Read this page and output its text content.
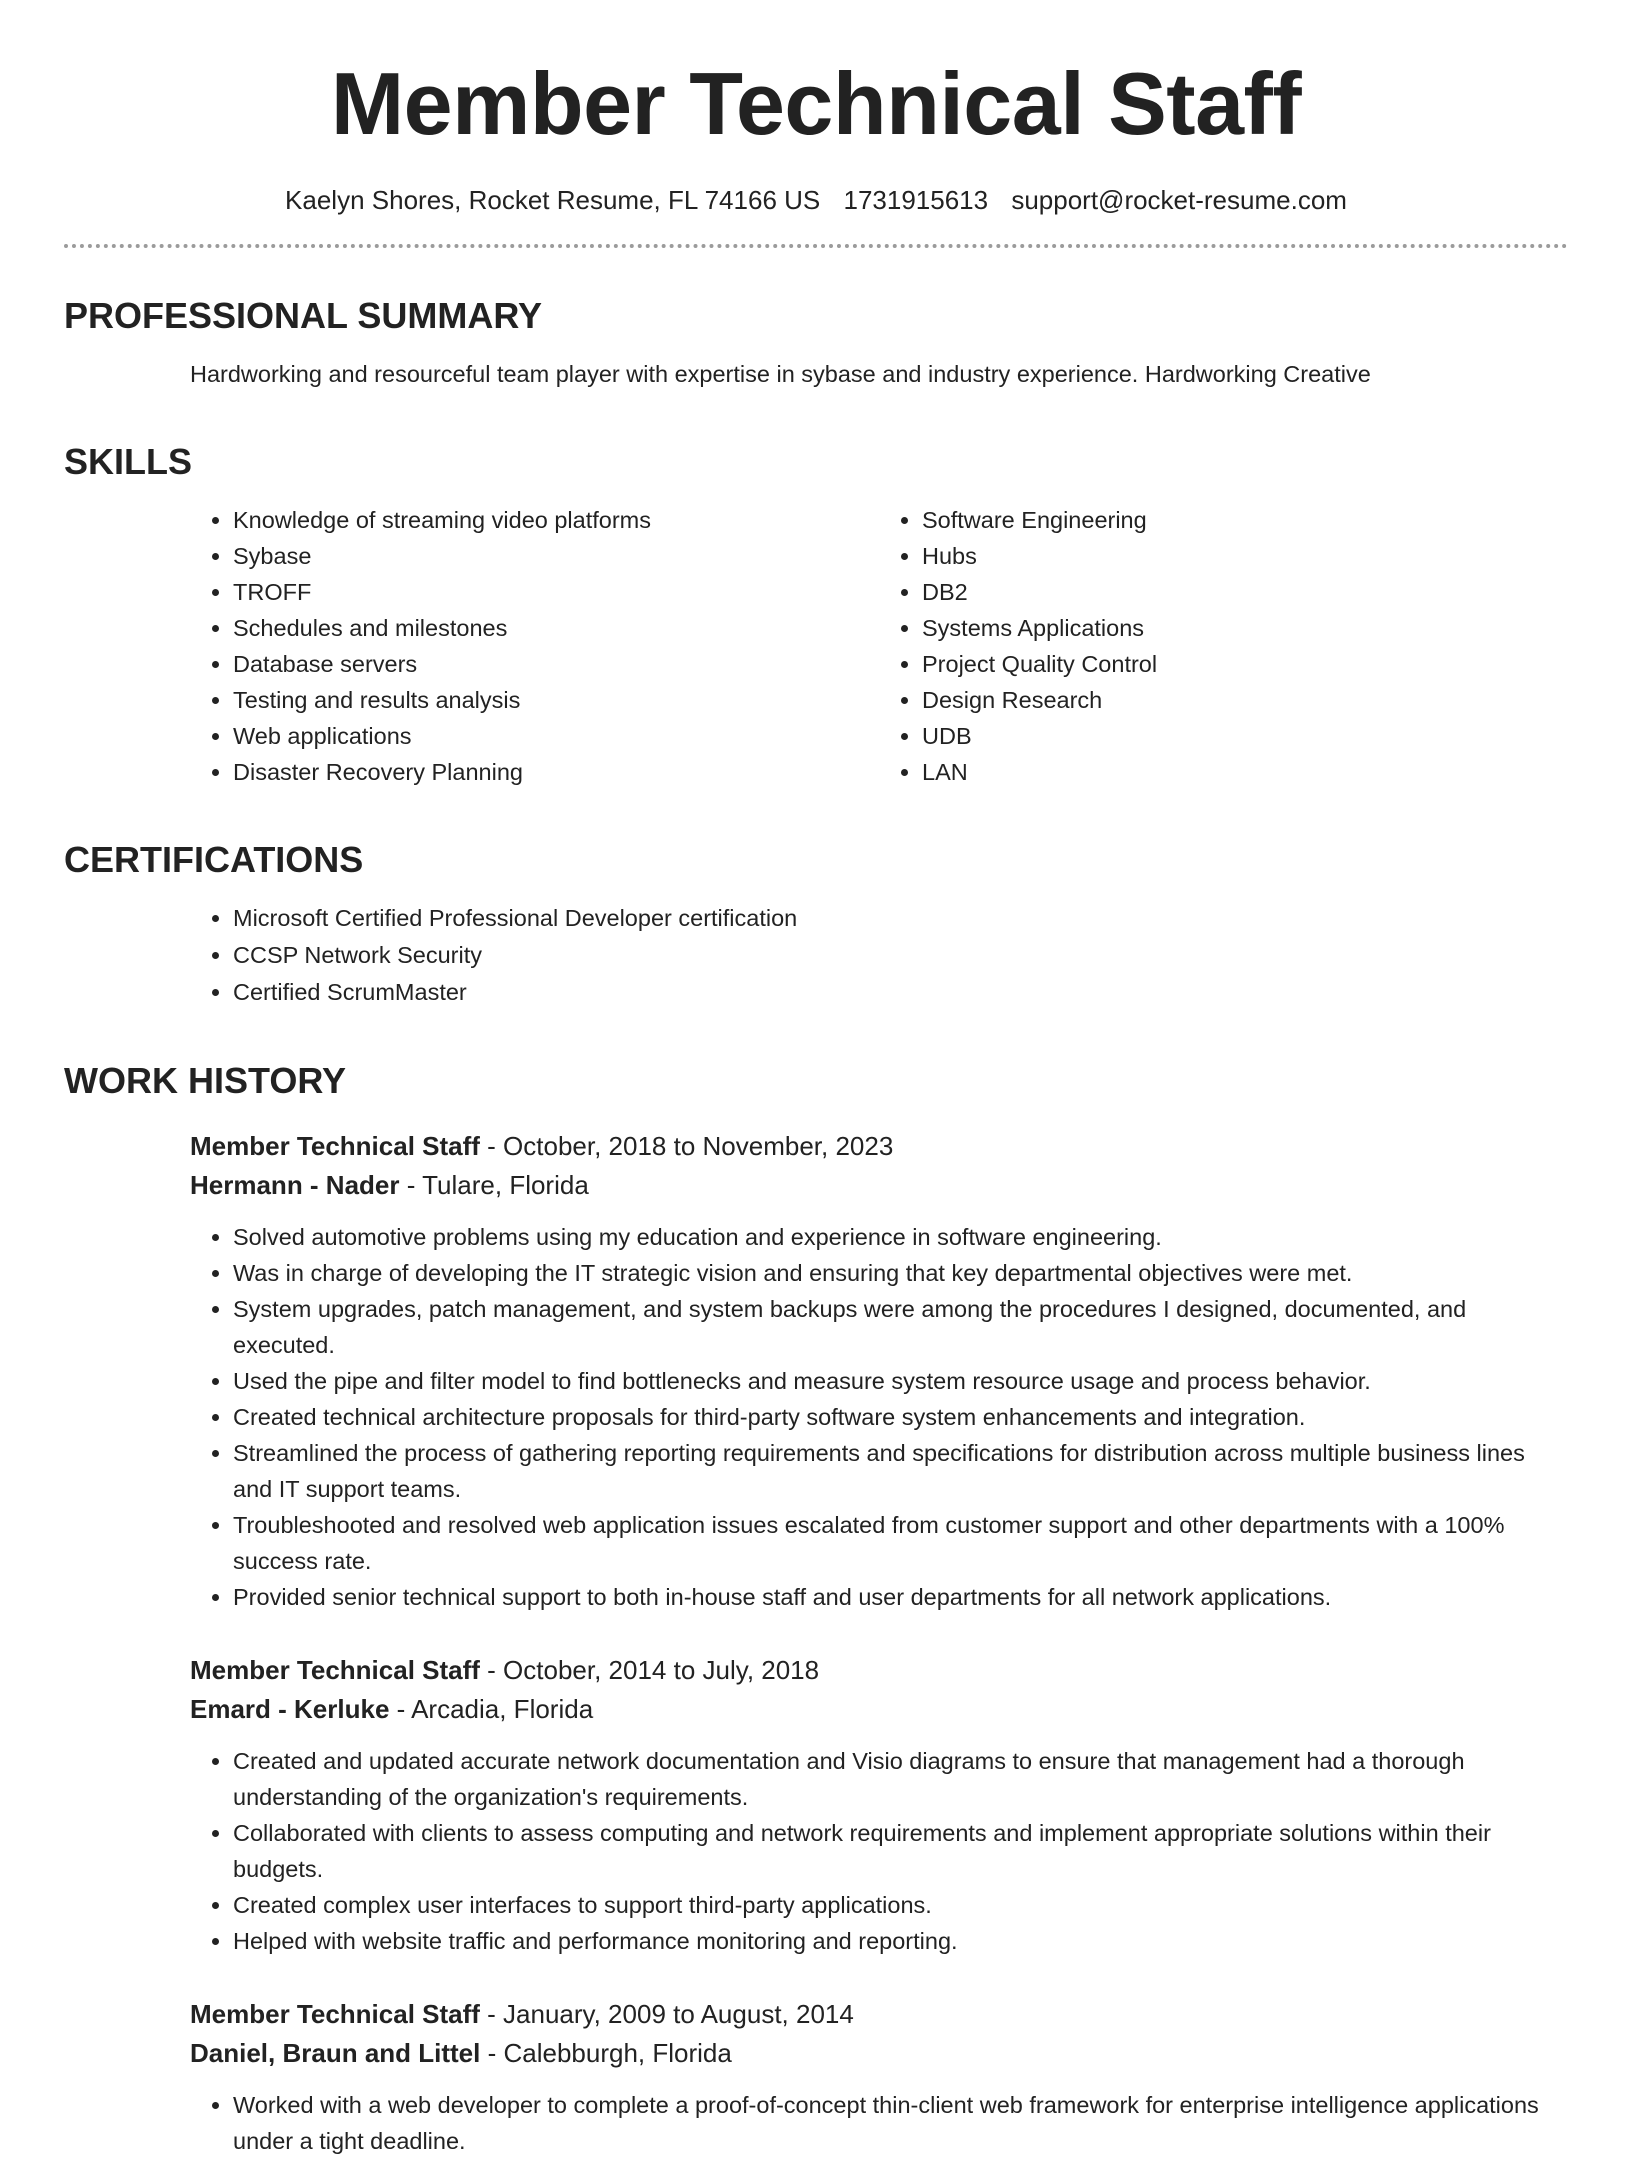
Member Technical Staff
Kaelyn Shores, Rocket Resume, FL 74166 US 1731915613 support@rocket-resume.com
PROFESSIONAL SUMMARY
Hardworking and resourceful team player with expertise in sybase and industry experience. Hardworking Creative
SKILLS
• Knowledge of streaming video platforms
• Sybase
• TROFF
• Schedules and milestones
• Database servers
• Testing and results analysis
• Web applications
• Disaster Recovery Planning
• Software Engineering
• Hubs
• DB2
• Systems Applications
• Project Quality Control
• Design Research
• UDB
• LAN
CERTIFICATIONS
• Microsoft Certified Professional Developer certification
• CCSP Network Security
• Certified ScrumMaster
WORK HISTORY
Member Technical Staff - October, 2018 to November, 2023
Hermann - Nader - Tulare, Florida
• Solved automotive problems using my education and experience in software engineering.
• Was in charge of developing the IT strategic vision and ensuring that key departmental objectives were met.
• System upgrades, patch management, and system backups were among the procedures I designed, documented, and executed.
• Used the pipe and filter model to find bottlenecks and measure system resource usage and process behavior.
• Created technical architecture proposals for third-party software system enhancements and integration.
• Streamlined the process of gathering reporting requirements and specifications for distribution across multiple business lines and IT support teams.
• Troubleshooted and resolved web application issues escalated from customer support and other departments with a 100% success rate.
• Provided senior technical support to both in-house staff and user departments for all network applications.
Member Technical Staff - October, 2014 to July, 2018
Emard - Kerluke - Arcadia, Florida
• Created and updated accurate network documentation and Visio diagrams to ensure that management had a thorough understanding of the organization's requirements.
• Collaborated with clients to assess computing and network requirements and implement appropriate solutions within their budgets.
• Created complex user interfaces to support third-party applications.
• Helped with website traffic and performance monitoring and reporting.
Member Technical Staff - January, 2009 to August, 2014
Daniel, Braun and Littel - Calebburgh, Florida
• Worked with a web developer to complete a proof-of-concept thin-client web framework for enterprise intelligence applications under a tight deadline.
